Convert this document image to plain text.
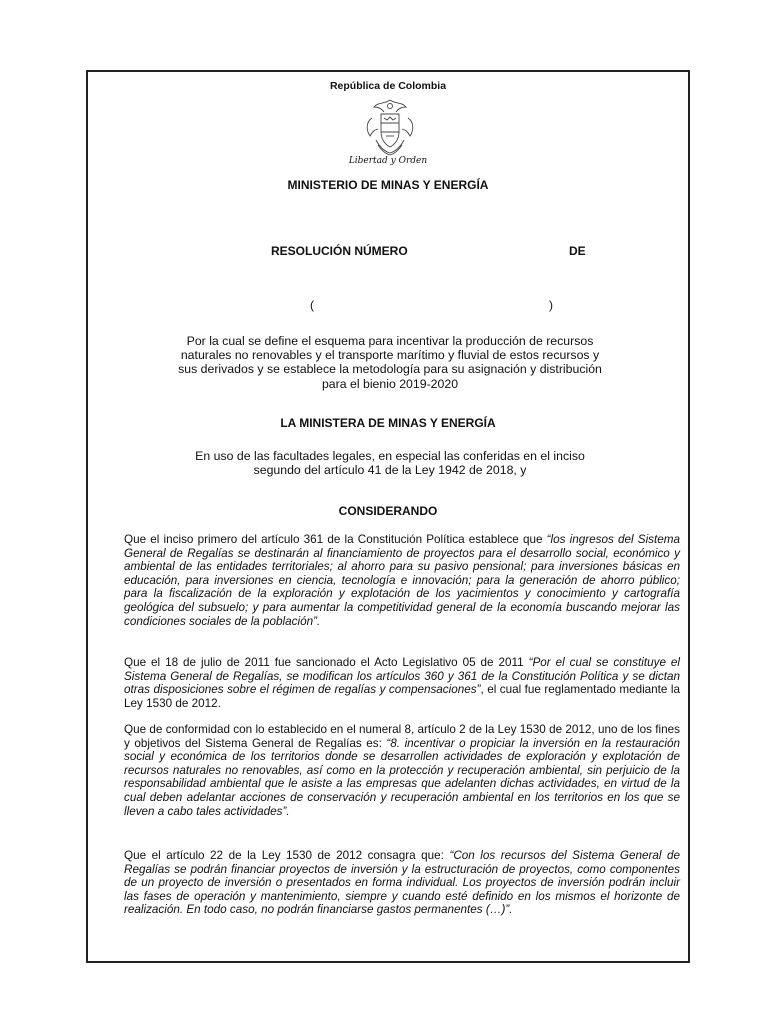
República de Colombia
Libertad y Orden
MINISTERIO DE MINAS Y ENERGÍA
RESOLUCIÓN NÚMERO	DE
(	)
Por la cual se define el esquema para incentivar la producción de recursos naturales no renovables y el transporte marítimo y fluvial de estos recursos y sus derivados y se establece la metodología para su asignación y distribución para el bienio 2019-2020
LA MINISTERA DE MINAS Y ENERGÍA
En uso de las facultades legales, en especial las conferidas en el inciso segundo del artículo 41 de la Ley 1942 de 2018, y
CONSIDERANDO
Que el inciso primero del artículo 361 de la Constitución Política establece que “los ingresos del Sistema General de Regalías se destinarán al financiamiento de proyectos para el desarrollo social, económico y ambiental de las entidades territoriales; al ahorro para su pasivo pensional; para inversiones básicas en educación, para inversiones en ciencia, tecnología e innovación; para la generación de ahorro público; para la fiscalización de la exploración y explotación de los yacimientos y conocimiento y cartografía geológica del subsuelo; y para aumentar la competitividad general de la economía buscando mejorar las condiciones sociales de la población”.
Que el 18 de julio de 2011 fue sancionado el Acto Legislativo 05 de 2011 “Por el cual se constituye el Sistema General de Regalías, se modifican los artículos 360 y 361 de la Constitución Política y se dictan otras disposiciones sobre el régimen de regalías y compensaciones”, el cual fue reglamentado mediante la Ley 1530 de 2012.
Que de conformidad con lo establecido en el numeral 8, artículo 2 de la Ley 1530 de 2012, uno de los fines y objetivos del Sistema General de Regalías es: “8. incentivar o propiciar la inversión en la restauración social y económica de los territorios donde se desarrollen actividades de exploración y explotación de recursos naturales no renovables, así como en la protección y recuperación ambiental, sin perjuicio de la responsabilidad ambiental que le asiste a las empresas que adelanten dichas actividades, en virtud de la cual deben adelantar acciones de conservación y recuperación ambiental en los territorios en los que se lleven a cabo tales actividades”.
Que el artículo 22 de la Ley 1530 de 2012 consagra que: “Con los recursos del Sistema General de Regalías se podrán financiar proyectos de inversión y la estructuración de proyectos, como componentes de un proyecto de inversión o presentados en forma individual. Los proyectos de inversión podrán incluir las fases de operación y mantenimiento, siempre y cuando esté definido en los mismos el horizonte de realización. En todo caso, no podrán financiarse gastos permanentes (…)”.
